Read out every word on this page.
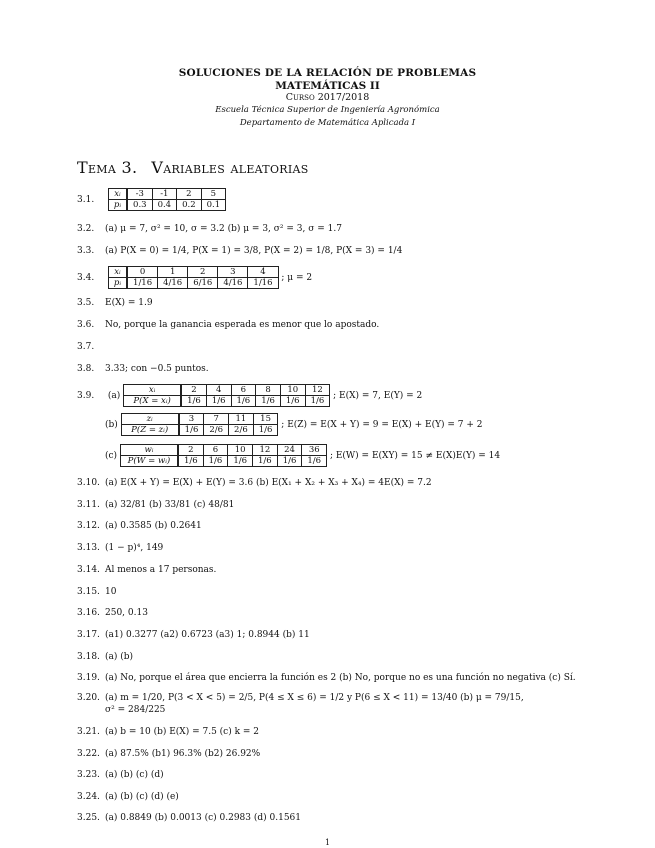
SOLUCIONES DE LA RELACIÓN DE PROBLEMAS
MATEMÁTICAS II
Curso 2017/2018
Escuela Técnica Superior de Ingeniería Agronómica
Departamento de Matemática Aplicada I
Tema 3. Variables aleatorias
3.1. xᵢ	-3	-1	2	5
pᵢ	0.3	0.4	0.2	0.1
3.2. (a) μ = 7, σ² = 10, σ = 3.2 (b) μ = 3, σ² = 3, σ = 1.7
3.3. (a) P(X = 0) = 1/4, P(X = 1) = 3/8, P(X = 2) = 1/8, P(X = 3) = 1/4
3.4. xᵢ	0	1	2	3	4
pᵢ	1/16	4/16	6/16	4/16	1/16 ; μ = 2
3.5. E(X) = 1.9
3.6. No, porque la ganancia esperada es menor que lo apostado.
3.7.
3.8. 3.33; con −0.5 puntos.
3.9. (a) xᵢ	2	4	6	8	10	12
P(X = xᵢ)	1/6	1/6	1/6	1/6	1/6	1/6 ; E(X) = 7, E(Y) = 2
(b) zᵢ	3	7	11	15
P(Z = zᵢ)	1/6	2/6	2/6	1/6 ; E(Z) = E(X + Y) = 9 = E(X) + E(Y) = 7 + 2
(c) wᵢ	2	6	10	12	24	36
P(W = wᵢ)	1/6	1/6	1/6	1/6	1/6	1/6 ; E(W) = E(XY) = 15 ≠ E(X)E(Y) = 14
3.10. (a) E(X + Y) = E(X) + E(Y) = 3.6 (b) E(X₁ + X₂ + X₃ + X₄) = 4E(X) = 7.2
3.11. (a) 32/81 (b) 33/81 (c) 48/81
3.12. (a) 0.3585 (b) 0.2641
3.13. (1 − p)⁴, 149
3.14. Al menos a 17 personas.
3.15. 10
3.16. 250, 0.13
3.17. (a1) 0.3277 (a2) 0.6723 (a3) 1; 0.8944 (b) 11
3.18. (a) (b)
3.19. (a) No, porque el área que encierra la función es 2 (b) No, porque no es una función no negativa (c) Sí.
3.20. (a) m = 1/20, P(3 < X < 5) = 2/5, P(4 ≤ X ≤ 6) = 1/2 y P(6 ≤ X < 11) = 13/40 (b) μ = 79/15,
σ² = 284/225
3.21. (a) b = 10 (b) E(X) = 7.5 (c) k = 2
3.22. (a) 87.5% (b1) 96.3% (b2) 26.92%
3.23. (a) (b) (c) (d)
3.24. (a) (b) (c) (d) (e)
3.25. (a) 0.8849 (b) 0.0013 (c) 0.2983 (d) 0.1561
1
